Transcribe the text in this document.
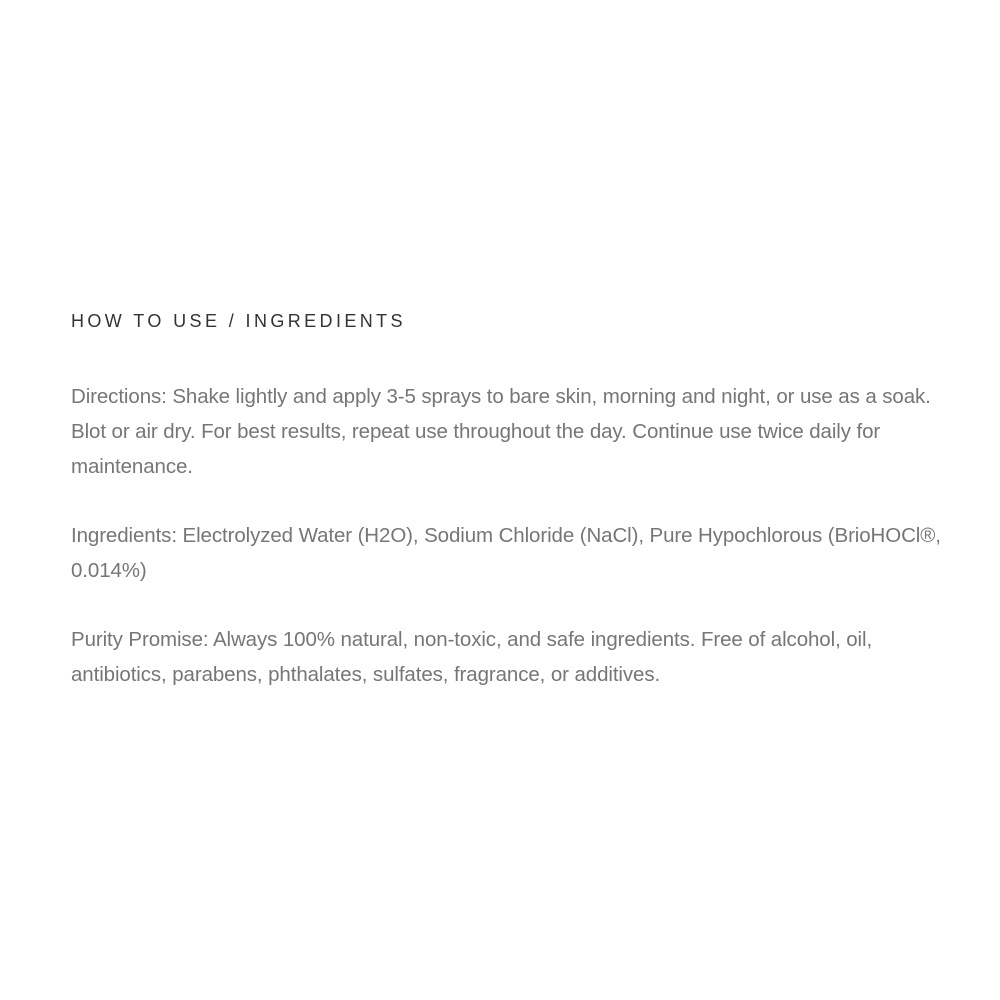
HOW TO USE / INGREDIENTS

Directions: Shake lightly and apply 3-5 sprays to bare skin, morning and night, or use as a soak. Blot or air dry. For best results, repeat use throughout the day. Continue use twice daily for maintenance.

Ingredients: Electrolyzed Water (H2O), Sodium Chloride (NaCl), Pure Hypochlorous (BrioHOCl®, 0.014%)

Purity Promise: Always 100% natural, non-toxic, and safe ingredients. Free of alcohol, oil, antibiotics, parabens, phthalates, sulfates, fragrance, or additives.
